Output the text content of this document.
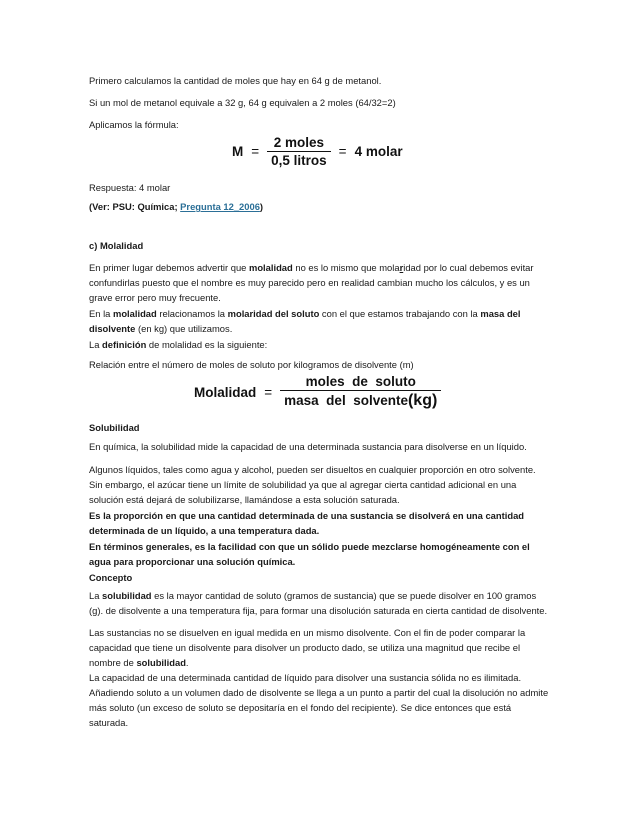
Primero calculamos la cantidad de moles que hay en 64 g de metanol.

Si un mol de metanol equivale a 32 g, 64 g equivalen a 2 moles (64/32=2)

Aplicamos la fórmula:

$M = \frac{\text{2 moles}}{\text{0,5 litros}} = 4$ molar

Respuesta: 4 molar

(Ver: PSU: Química; Pregunta 12_2006)

c) Molalidad

En primer lugar debemos advertir que molalidad no es lo mismo que molaridad por lo cual debemos evitar confundirlas puesto que el nombre es muy parecido pero en realidad cambian mucho los cálculos, y es un grave error pero muy frecuente.

En la molalidad relacionamos la molaridad del soluto con el que estamos trabajando con la masa del disolvente (en kg) que utilizamos.

La definición de molalidad es la siguiente:

Relación entre el número de moles de soluto por kilogramos de disolvente (m)

Molalidad = $\frac{\text{moles  de  soluto}}{\text{masa  del  solvente(kg)}}$

Solubilidad

En química, la solubilidad mide la capacidad de una determinada sustancia para disolverse en un líquido.

Algunos líquidos, tales como agua y alcohol, pueden ser disueltos en cualquier proporción en otro solvente. Sin embargo, el azúcar tiene un límite de solubilidad ya que al agregar cierta cantidad adicional en una solución está dejará de solubilizarse, llamándose a esta solución saturada.

Es la proporción en que una cantidad determinada de una sustancia se disolverá en una cantidad determinada de un líquido, a una temperatura dada.

En términos generales, es la facilidad con que un sólido puede mezclarse homogéneamente con el agua para proporcionar una solución química.

Concepto

La solubilidad es la mayor cantidad de soluto (gramos de sustancia) que se puede disolver en 100 gramos (g). de disolvente a una temperatura fija, para formar una disolución saturada en cierta cantidad de disolvente.

Las sustancias no se disuelven en igual medida en un mismo disolvente. Con el fin de poder comparar la capacidad que tiene un disolvente para disolver un producto dado, se utiliza una magnitud que recibe el nombre de solubilidad.

La capacidad de una determinada cantidad de líquido para disolver una sustancia sólida no es ilimitada. Añadiendo soluto a un volumen dado de disolvente se llega a un punto a partir del cual la disolución no admite más soluto (un exceso de soluto se depositaría en el fondo del recipiente). Se dice entonces que está saturada.
